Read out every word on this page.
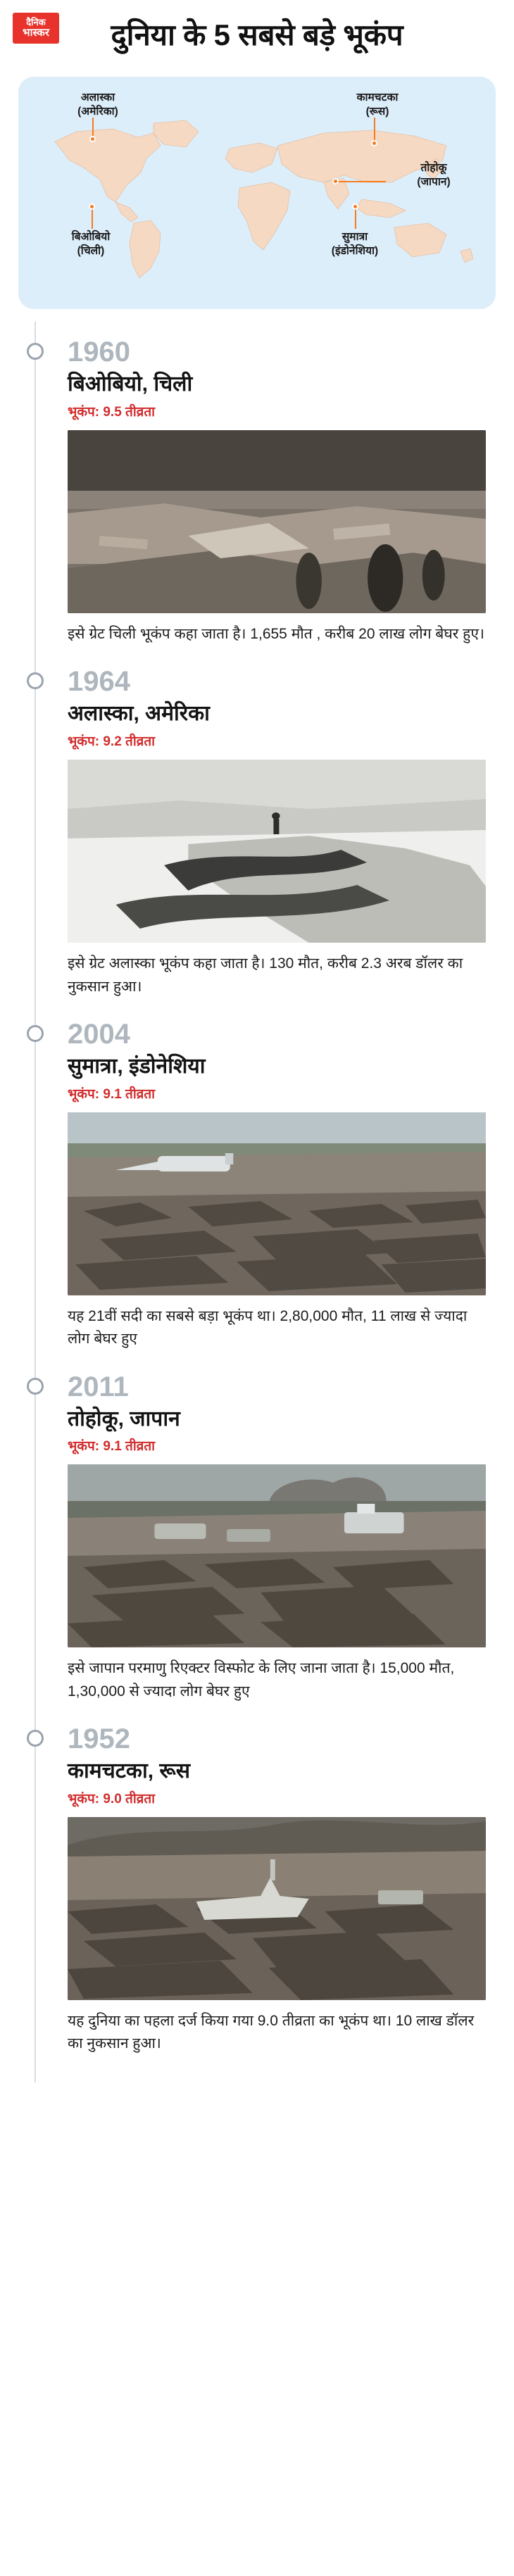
दैनिक
भास्कर	दुनिया के 5 सबसे बड़े भूकंप
अलास्का
(अमेरिका)
कामचटका
(रूस)
तोहोकू
(जापान)
बिओबियो
(चिली)
सुमात्रा
(इंडोनेशिया)
1960
बिओबियो, चिली
भूकंप: 9.5 तीव्रता
इसे ग्रेट चिली भूकंप कहा जाता है। 1,655 मौत , करीब 20 लाख लोग बेघर हुए।
1964
अलास्का, अमेरिका
भूकंप: 9.2 तीव्रता
इसे ग्रेट अलास्का भूकंप कहा जाता है। 130 मौत, करीब 2.3 अरब डॉलर का नुकसान हुआ।
2004
सुमात्रा, इंडोनेशिया
भूकंप: 9.1 तीव्रता
यह 21वीं सदी का सबसे बड़ा भूकंप था। 2,80,000 मौत, 11 लाख से ज्यादा लोग बेघर हुए
2011
तोहोकू, जापान
भूकंप: 9.1 तीव्रता
इसे जापान परमाणु रिएक्टर विस्फोट के लिए जाना जाता है। 15,000 मौत, 1,30,000 से ज्यादा लोग बेघर हुए
1952
कामचटका, रूस
भूकंप: 9.0 तीव्रता
यह दुनिया का पहला दर्ज किया गया 9.0 तीव्रता का भूकंप था। 10 लाख डॉलर का नुकसान हुआ।
